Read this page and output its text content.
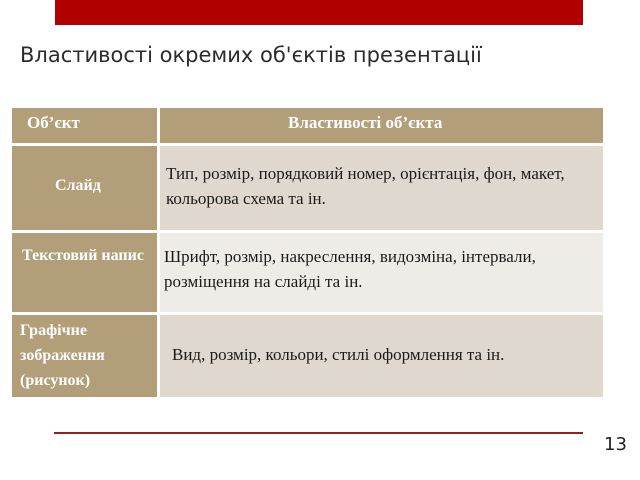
Властивості окремих об'єктів презентації
Об’єкт	Властивості об’єкта
Слайд
Тип, розмір, порядковий номер, орієнтація, фон, макет, кольорова схема та ін.
Текстовий напис	Шрифт, розмір, накреслення, видозміна, інтервали, розміщення на слайді та ін.
Графічне зображення (рисунок)
Вид, розмір, кольори, стилі оформлення та ін.
13
